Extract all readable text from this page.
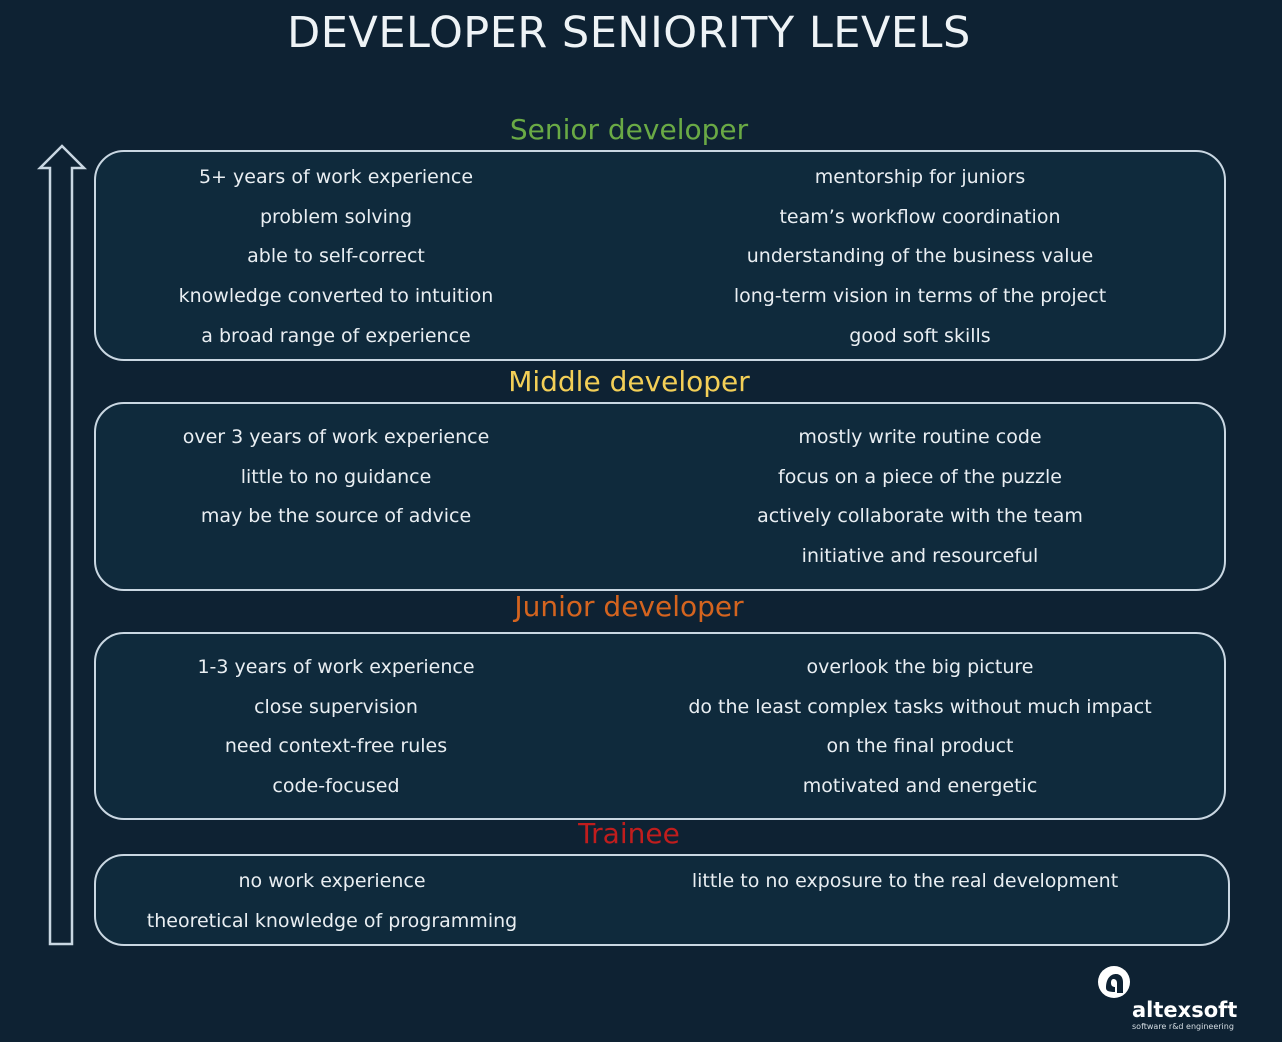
DEVELOPER SENIORITY LEVELS
Senior developer
5+ years of work experience
problem solving
able to self-correct
knowledge converted to intuition
a broad range of experience
mentorship for juniors
team’s workflow coordination
understanding of the business value
long-term vision in terms of the project
good soft skills
Middle developer
over 3 years of work experience
little to no guidance
may be the source of advice
mostly write routine code
focus on a piece of the puzzle
actively collaborate with the team
initiative and resourceful
Junior developer
1-3 years of work experience
close supervision
need context-free rules
code-focused
overlook the big picture
do the least complex tasks without much impact
on the final product
motivated and energetic
Trainee
no work experience
theoretical knowledge of programming
little to no exposure to the real development
altexsoft
software r&d engineering
